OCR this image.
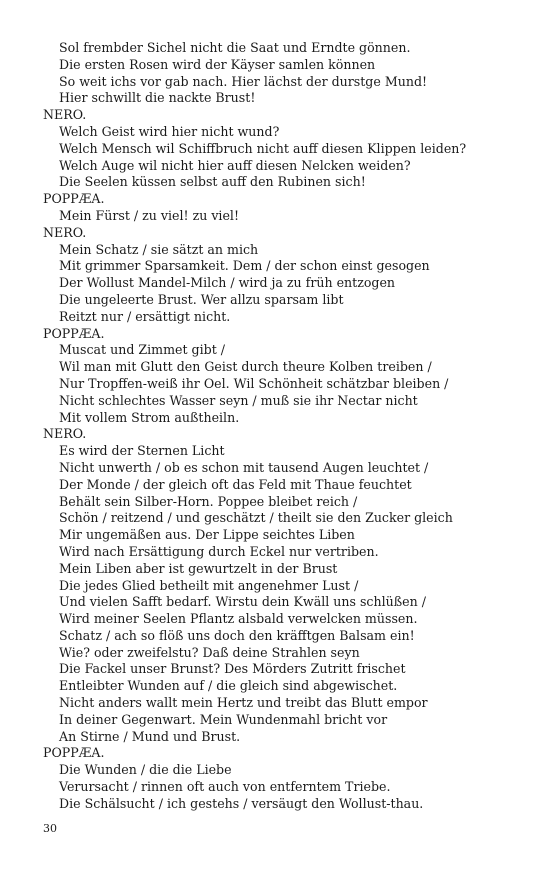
Sol frembder Sichel nicht die Saat und Erndte gönnen.
Die ersten Rosen wird der Käyser samlen können
So weit ichs vor gab nach. Hier lächst der durstge Mund!
Hier schwillt die nackte Brust!
NERO.
Welch Geist wird hier nicht wund?
Welch Mensch wil Schiffbruch nicht auff diesen Klippen leiden?
Welch Auge wil nicht hier auff diesen Nelcken weiden?
Die Seelen küssen selbst auff den Rubinen sich!
POPPÆA.
Mein Fürst / zu viel! zu viel!
NERO.
Mein Schatz / sie sätzt an mich
Mit grimmer Sparsamkeit. Dem / der schon einst gesogen
Der Wollust Mandel-Milch / wird ja zu früh entzogen
Die ungeleerte Brust. Wer allzu sparsam libt
Reitzt nur / ersättigt nicht.
POPPÆA.
Muscat und Zimmet gibt /
Wil man mit Glutt den Geist durch theure Kolben treiben /
Nur Tropffen-weiß ihr Oel. Wil Schönheit schätzbar bleiben /
Nicht schlechtes Wasser seyn / muß sie ihr Nectar nicht
Mit vollem Strom außtheiln.
NERO.
Es wird der Sternen Licht
Nicht unwerth / ob es schon mit tausend Augen leuchtet /
Der Monde / der gleich oft das Feld mit Thaue feuchtet
Behält sein Silber-Horn. Poppee bleibet reich /
Schön / reitzend / und geschätzt / theilt sie den Zucker gleich
Mir ungemäßen aus. Der Lippe seichtes Liben
Wird nach Ersättigung durch Eckel nur vertriben.
Mein Liben aber ist gewurtzelt in der Brust
Die jedes Glied betheilt mit angenehmer Lust /
Und vielen Safft bedarf. Wirstu dein Kwäll uns schlüßen /
Wird meiner Seelen Pflantz alsbald verwelcken müssen.
Schatz / ach so flöß uns doch den kräfftgen Balsam ein!
Wie? oder zweifelstu? Daß deine Strahlen seyn
Die Fackel unser Brunst? Des Mörders Zutritt frischet
Entleibter Wunden auf / die gleich sind abgewischet.
Nicht anders wallt mein Hertz und treibt das Blutt empor
In deiner Gegenwart. Mein Wundenmahl bricht vor
An Stirne / Mund und Brust.
POPPÆA.
Die Wunden / die die Liebe
Verursacht / rinnen oft auch von entferntem Triebe.
Die Schälsucht / ich gestehs / versäugt den Wollust-thau.
30
